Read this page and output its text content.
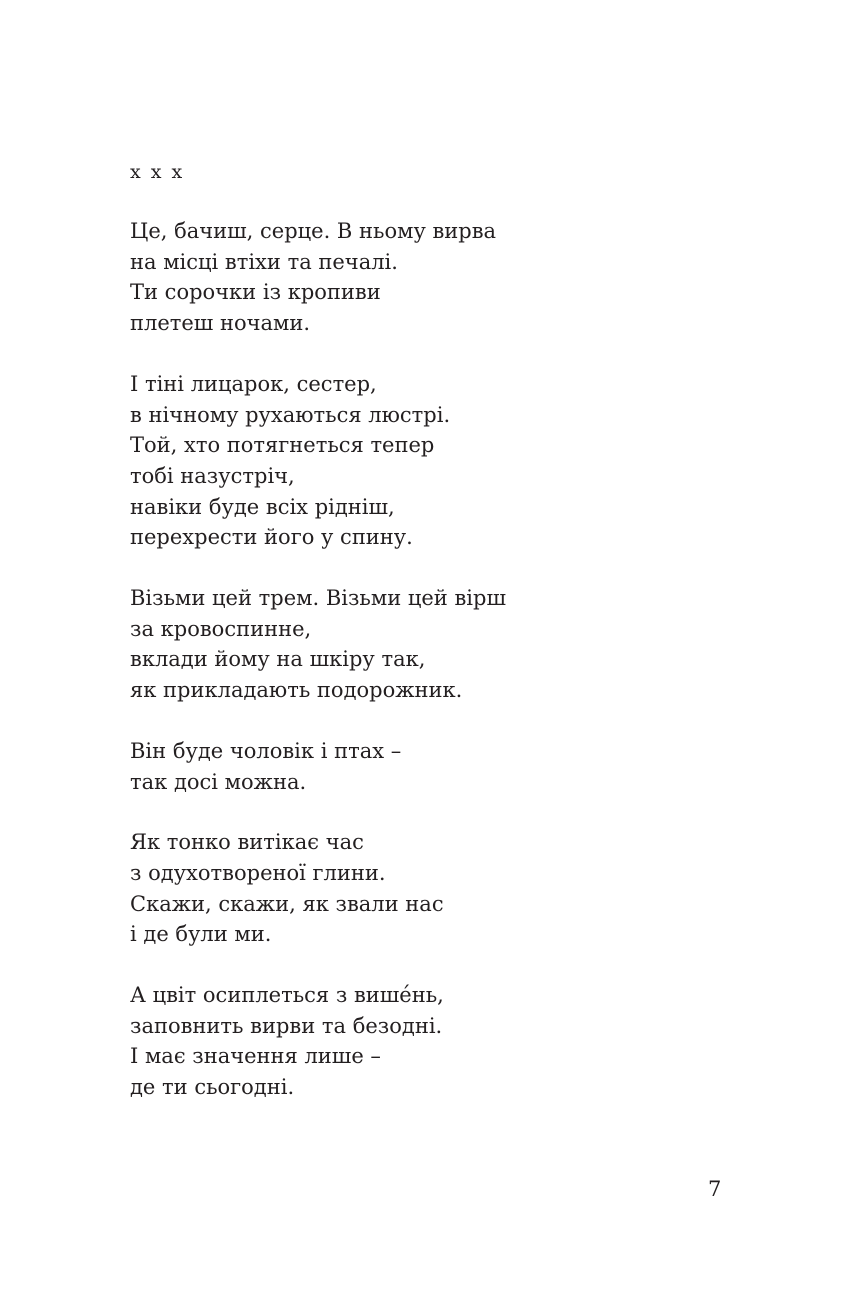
x x x
Це, бачиш, серце. В ньому вирва
на місці втіхи та печалі.
Ти сорочки із кропиви
плетеш ночами.
І тіні лицарок, сестер,
в нічному рухаються люстрі.
Той, хто потягнеться тепер
тобі назустріч,
навіки буде всіх рідніш,
перехрести його у спину.
Візьми цей трем. Візьми цей вірш
за кровоспинне,
вклади йому на шкіру так,
як прикладають подорожник.
Він буде чоловік і птах –
так досі можна.
Як тонко витікає час
з одухотвореної глини.
Скажи, скажи, як звали нас
і де були ми.
А цвіт осиплеться з више́нь,
заповнить вирви та безодні.
І має значення лише –
де ти сьогодні.
7
